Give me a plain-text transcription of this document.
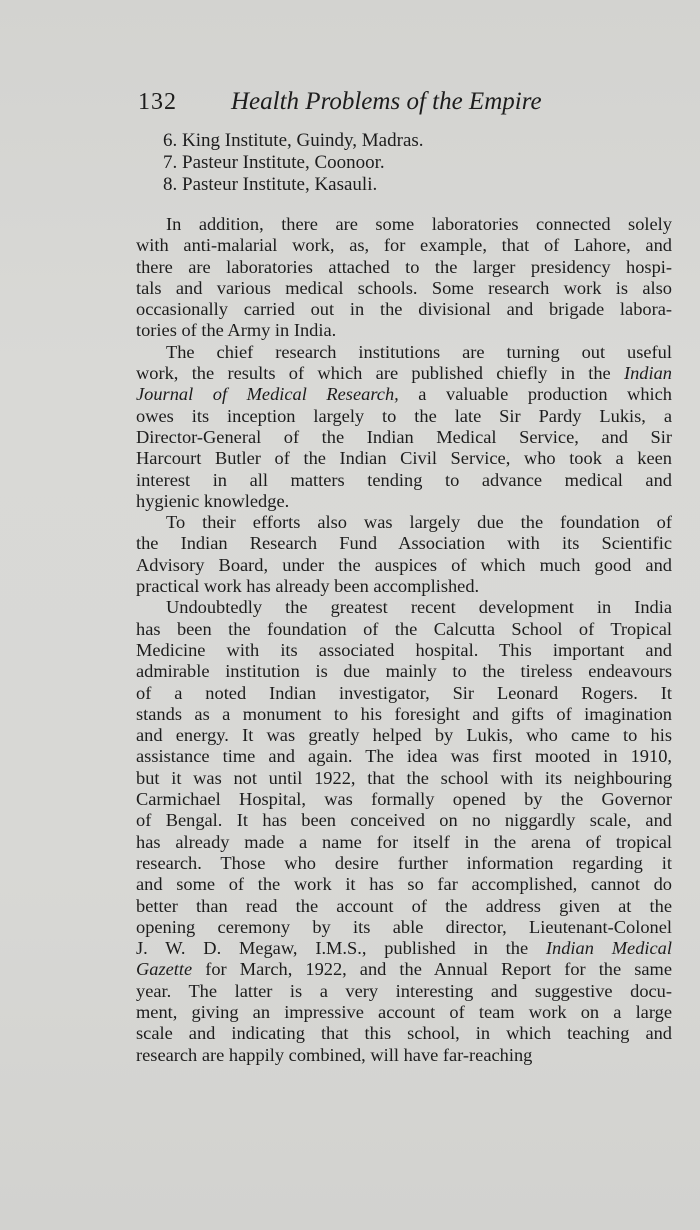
132 Health Problems of the Empire
6. King Institute, Guindy, Madras.
7. Pasteur Institute, Coonoor.
8. Pasteur Institute, Kasauli.
In addition, there are some laboratories connected solely
with anti-malarial work, as, for example, that of Lahore, and
there are laboratories attached to the larger presidency hospi-
tals and various medical schools. Some research work is also
occasionally carried out in the divisional and brigade labora-
tories of the Army in India.
The chief research institutions are turning out useful
work, the results of which are published chiefly in the Indian
Journal of Medical Research, a valuable production which
owes its inception largely to the late Sir Pardy Lukis, a
Director-General of the Indian Medical Service, and Sir
Harcourt Butler of the Indian Civil Service, who took a keen
interest in all matters tending to advance medical and
hygienic knowledge.
To their efforts also was largely due the foundation of
the Indian Research Fund Association with its Scientific
Advisory Board, under the auspices of which much good and
practical work has already been accomplished.
Undoubtedly the greatest recent development in India
has been the foundation of the Calcutta School of Tropical
Medicine with its associated hospital. This important and
admirable institution is due mainly to the tireless endeavours
of a noted Indian investigator, Sir Leonard Rogers. It
stands as a monument to his foresight and gifts of imagination
and energy. It was greatly helped by Lukis, who came to his
assistance time and again. The idea was first mooted in 1910,
but it was not until 1922, that the school with its neighbouring
Carmichael Hospital, was formally opened by the Governor
of Bengal. It has been conceived on no niggardly scale, and
has already made a name for itself in the arena of tropical
research. Those who desire further information regarding it
and some of the work it has so far accomplished, cannot do
better than read the account of the address given at the
opening ceremony by its able director, Lieutenant-Colonel
J. W. D. Megaw, I.M.S., published in the Indian Medical
Gazette for March, 1922, and the Annual Report for the same
year. The latter is a very interesting and suggestive docu-
ment, giving an impressive account of team work on a large
scale and indicating that this school, in which teaching and
research are happily combined, will have far-reaching
